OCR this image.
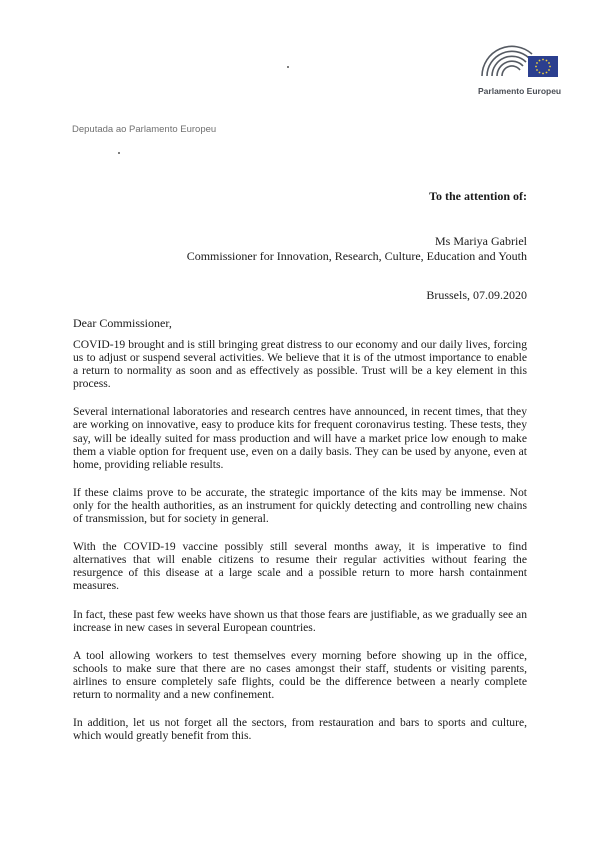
Parlamento Europeu
Deputada ao Parlamento Europeu
To the attention of:
Ms Mariya Gabriel
Commissioner for Innovation, Research, Culture, Education and Youth
Brussels, 07.09.2020
Dear Commissioner,

COVID-19 brought and is still bringing great distress to our economy and our daily lives, forcing us to adjust or suspend several activities. We believe that it is of the utmost importance to enable a return to normality as soon and as effectively as possible. Trust will be a key element in this process.

Several international laboratories and research centres have announced, in recent times, that they are working on innovative, easy to produce kits for frequent coronavirus testing. These tests, they say, will be ideally suited for mass production and will have a market price low enough to make them a viable option for frequent use, even on a daily basis. They can be used by anyone, even at home, providing reliable results.

If these claims prove to be accurate, the strategic importance of the kits may be immense. Not only for the health authorities, as an instrument for quickly detecting and controlling new chains of transmission, but for society in general.

With the COVID-19 vaccine possibly still several months away, it is imperative to find alternatives that will enable citizens to resume their regular activities without fearing the resurgence of this disease at a large scale and a possible return to more harsh containment measures.

In fact, these past few weeks have shown us that those fears are justifiable, as we gradually see an increase in new cases in several European countries.

A tool allowing workers to test themselves every morning before showing up in the office, schools to make sure that there are no cases amongst their staff, students or visiting parents, airlines to ensure completely safe flights, could be the difference between a nearly complete return to normality and a new confinement.

In addition, let us not forget all the sectors, from restauration and bars to sports and culture, which would greatly benefit from this.
